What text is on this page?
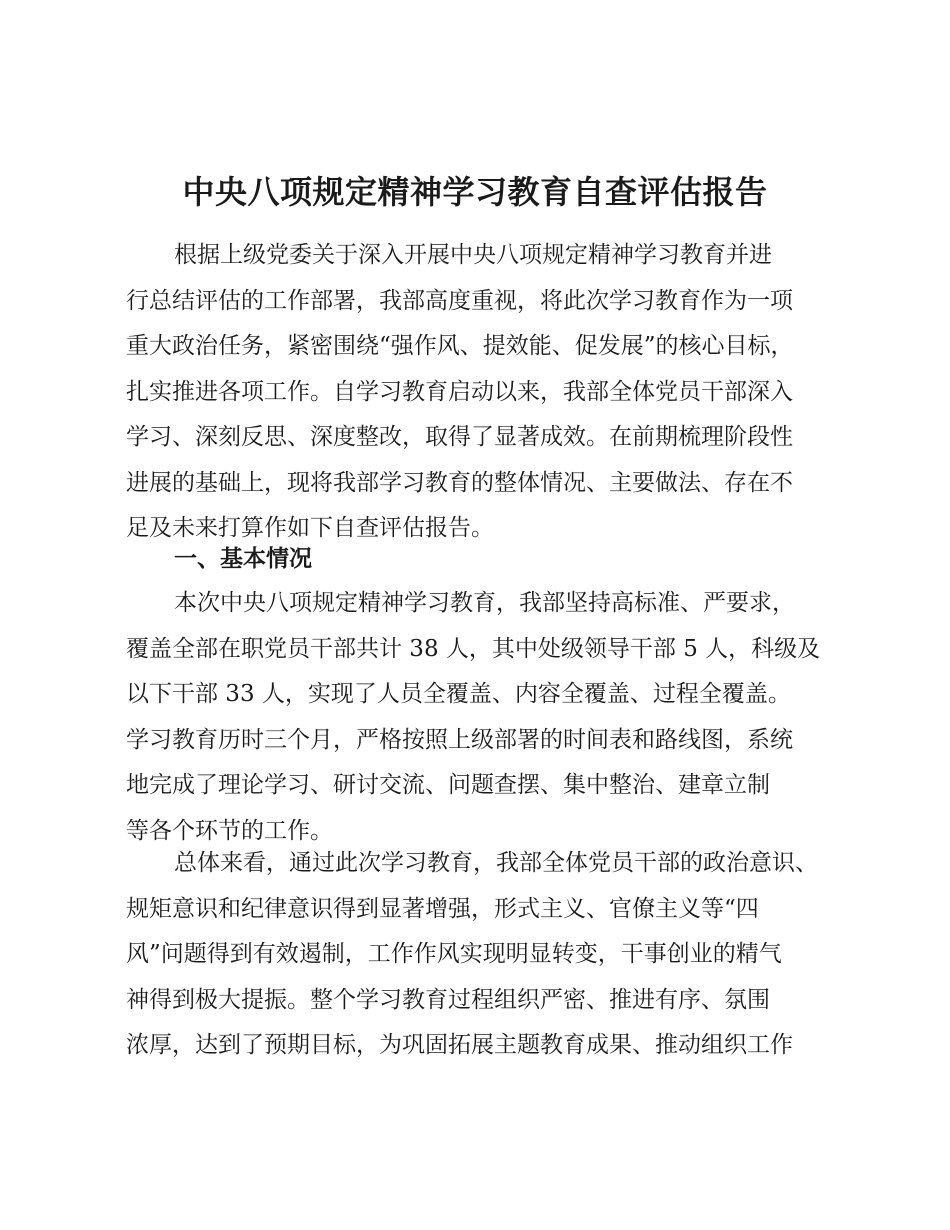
中央八项规定精神学习教育自查评估报告
根据上级党委关于深入开展中央八项规定精神学习教育并进
行总结评估的工作部署，我部高度重视，将此次学习教育作为一项
重大政治任务，紧密围绕“强作风、提效能、促发展”的核心目标，
扎实推进各项工作。自学习教育启动以来，我部全体党员干部深入
学习、深刻反思、深度整改，取得了显著成效。在前期梳理阶段性
进展的基础上，现将我部学习教育的整体情况、主要做法、存在不
足及未来打算作如下自查评估报告。
一、基本情况
本次中央八项规定精神学习教育，我部坚持高标准、严要求，
覆盖全部在职党员干部共计 38 人，其中处级领导干部 5 人，科级及
以下干部 33 人，实现了人员全覆盖、内容全覆盖、过程全覆盖。
学习教育历时三个月，严格按照上级部署的时间表和路线图，系统
地完成了理论学习、研讨交流、问题查摆、集中整治、建章立制
等各个环节的工作。
总体来看，通过此次学习教育，我部全体党员干部的政治意识、
规矩意识和纪律意识得到显著增强，形式主义、官僚主义等“四
风”问题得到有效遏制，工作作风实现明显转变，干事创业的精气
神得到极大提振。整个学习教育过程组织严密、推进有序、氛围
浓厚，达到了预期目标，为巩固拓展主题教育成果、推动组织工作
